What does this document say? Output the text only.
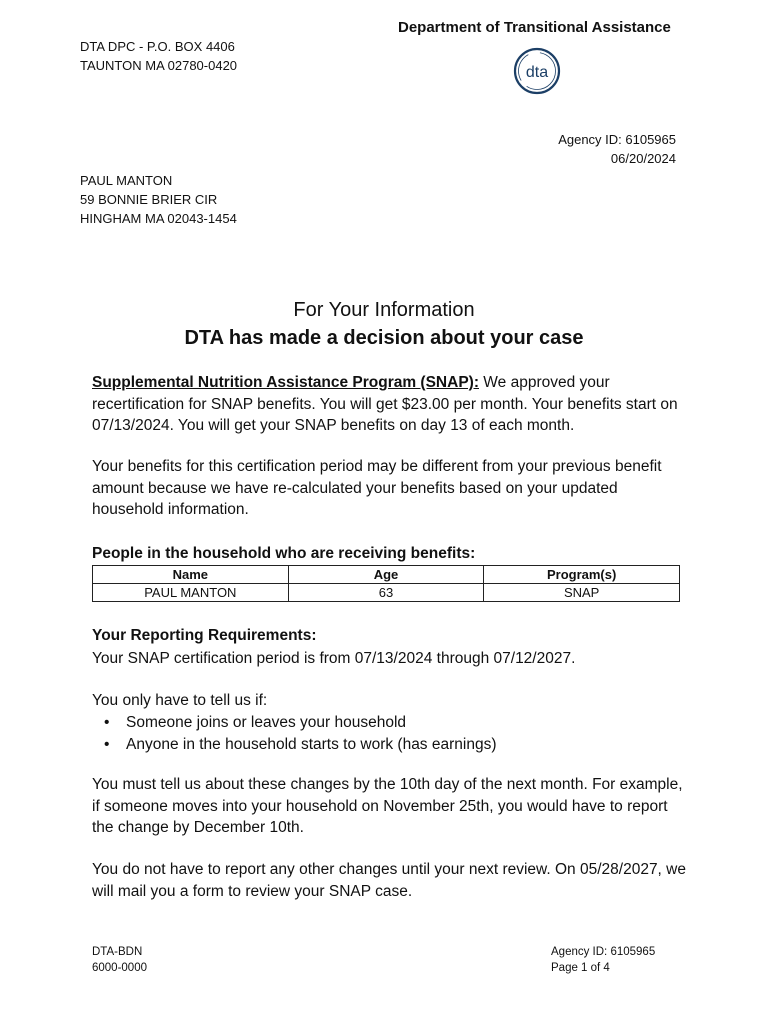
Department of Transitional Assistance
DTA DPC - P.O. BOX 4406
TAUNTON MA 02780-0420	dta
Agency ID: 6105965
06/20/2024
PAUL MANTON
59 BONNIE BRIER CIR
HINGHAM MA 02043-1454
For Your Information
DTA has made a decision about your case
Supplemental Nutrition Assistance Program (SNAP): We approved your recertification for SNAP benefits. You will get $23.00 per month. Your benefits start on 07/13/2024. You will get your SNAP benefits on day 13 of each month.
Your benefits for this certification period may be different from your previous benefit amount because we have re-calculated your benefits based on your updated household information.
People in the household who are receiving benefits:
Name	Age	Program(s)
PAUL MANTON	63	SNAP
Your Reporting Requirements:
Your SNAP certification period is from 07/13/2024 through 07/12/2027.
You only have to tell us if:
• Someone joins or leaves your household
• Anyone in the household starts to work (has earnings)
You must tell us about these changes by the 10th day of the next month. For example, if someone moves into your household on November 25th, you would have to report the change by December 10th.
You do not have to report any other changes until your next review. On 05/28/2027, we will mail you a form to review your SNAP case.
DTA-BDN
6000-0000
Agency ID: 6105965
Page 1 of 4
